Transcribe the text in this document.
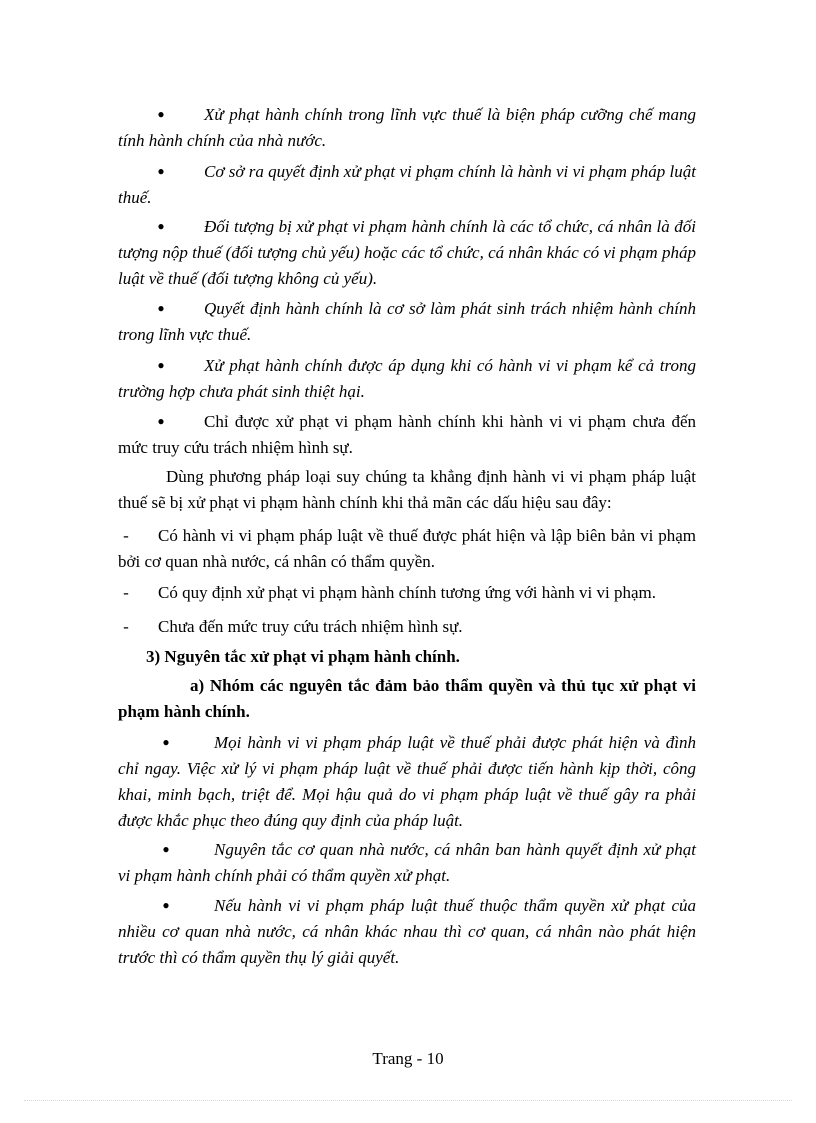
● Xử phạt hành chính trong lĩnh vực thuế là biện pháp cưỡng chế mang tính hành chính của nhà nước.

● Cơ sở ra quyết định xử phạt vi phạm chính là hành vi vi phạm pháp luật thuế.

● Đối tượng bị xử phạt vi phạm hành chính là các tổ chức, cá nhân là đối tượng nộp thuế (đối tượng chủ yếu) hoặc các tổ chức, cá nhân khác có vi phạm pháp luật về thuế (đối tượng không củ yếu).

● Quyết định hành chính là cơ sở làm phát sinh trách nhiệm hành chính trong lĩnh vực thuế.

● Xử phạt hành chính được áp dụng khi có hành vi vi phạm kể cả trong trường hợp chưa phát sinh thiệt hại.

● Chỉ được xử phạt vi phạm hành chính khi hành vi vi phạm chưa đến mức truy cứu trách nhiệm hình sự.

Dùng phương pháp loại suy chúng ta khẳng định hành vi vi phạm pháp luật thuế sẽ bị xử phạt vi phạm hành chính khi thả mãn các dấu hiệu sau đây:

- Có hành vi vi phạm pháp luật về thuế được phát hiện và lập biên bản vi phạm bởi cơ quan nhà nước, cá nhân có thẩm quyền.

- Có quy định xử phạt vi phạm hành chính tương ứng với hành vi vi phạm.

- Chưa đến mức truy cứu trách nhiệm hình sự.

3) Nguyên tắc xử phạt vi phạm hành chính.

a) Nhóm các nguyên tắc đảm bảo thẩm quyền và thủ tục xử phạt vi phạm hành chính.

●	Mọi hành vi vi phạm pháp luật về thuế phải được phát hiện và đình chỉ ngay. Việc xử lý vi phạm pháp luật về thuế phải được tiến hành kịp thời, công khai, minh bạch, triệt để. Mọi hậu quả do vi phạm pháp luật về thuế gây ra phải được khắc phục theo đúng quy định của pháp luật.

●	Nguyên tắc cơ quan nhà nước, cá nhân ban hành quyết định xử phạt vi phạm hành chính phải có thẩm quyền xử phạt.

●	Nếu hành vi vi phạm pháp luật thuế thuộc thẩm quyền xử phạt của nhiều cơ quan nhà nước, cá nhân khác nhau thì cơ quan, cá nhân nào phát hiện trước thì có thẩm quyền thụ lý giải quyết.

Trang - 10
